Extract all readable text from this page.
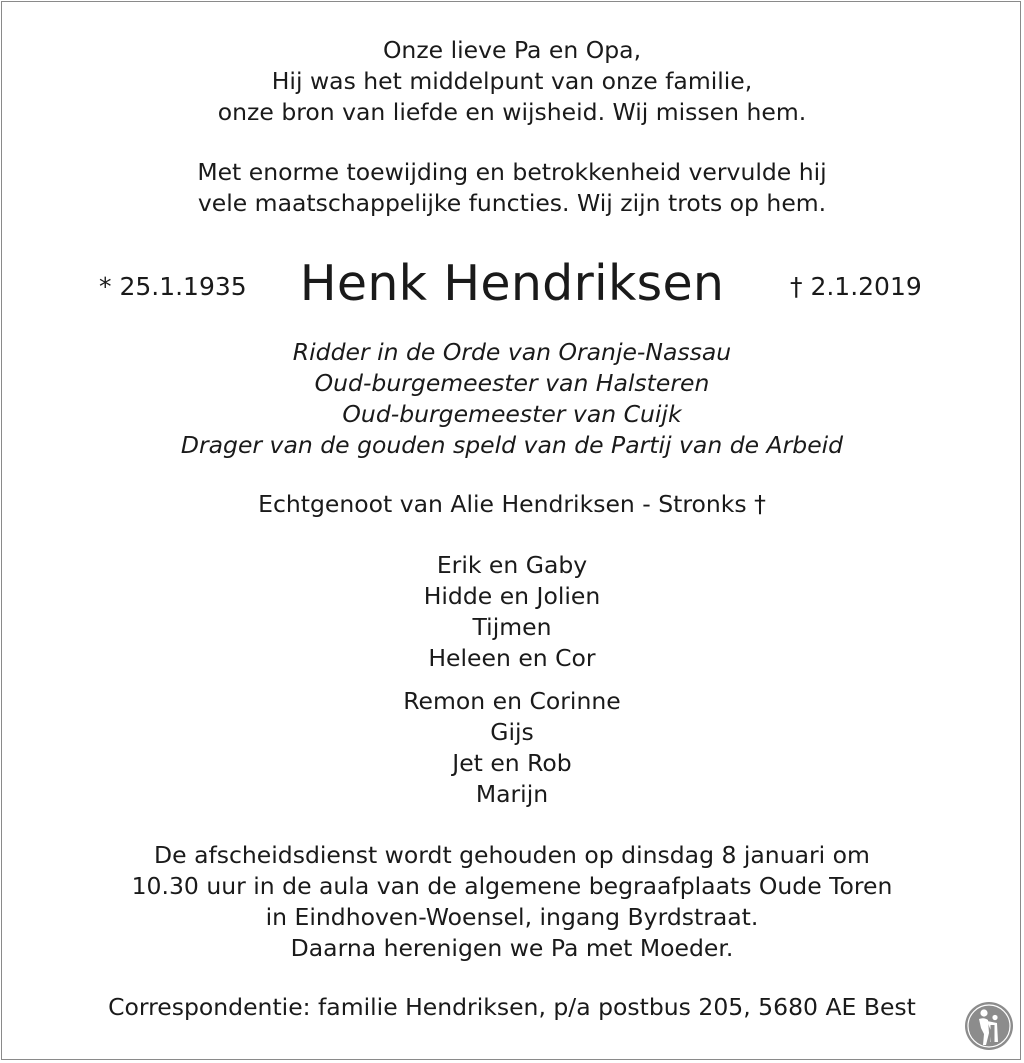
Onze lieve Pa en Opa,
Hij was het middelpunt van onze familie,
onze bron van liefde en wijsheid. Wij missen hem.
Met enorme toewijding en betrokkenheid vervulde hij
vele maatschappelijke functies. Wij zijn trots op hem.
* 25.1.1935	Henk Hendriksen	† 2.1.2019
Ridder in de Orde van Oranje-Nassau
Oud-burgemeester van Halsteren
Oud-burgemeester van Cuijk
Drager van de gouden speld van de Partij van de Arbeid
Echtgenoot van Alie Hendriksen - Stronks †
Erik en Gaby
Hidde en Jolien
Tijmen
Heleen en Cor
Remon en Corinne
Gijs
Jet en Rob
Marijn
De afscheidsdienst wordt gehouden op dinsdag 8 januari om
10.30 uur in de aula van de algemene begraafplaats Oude Toren
in Eindhoven-Woensel, ingang Byrdstraat.
Daarna herenigen we Pa met Moeder.
Correspondentie: familie Hendriksen, p/a postbus 205, 5680 AE Best
